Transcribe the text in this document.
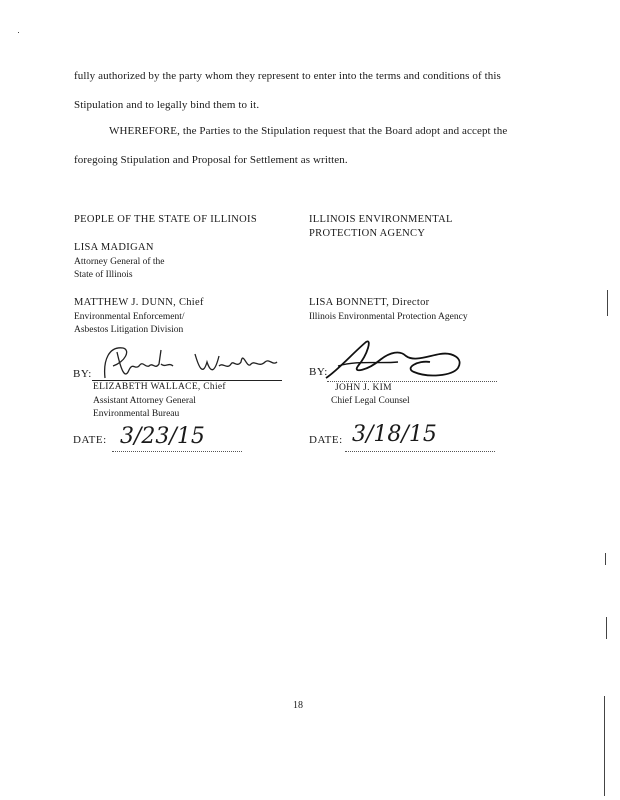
fully authorized by the party whom they represent to enter into the terms and conditions of this
Stipulation and to legally bind them to it.
WHEREFORE, the Parties to the Stipulation request that the Board adopt and accept the
foregoing Stipulation and Proposal for Settlement as written.
PEOPLE OF THE STATE OF ILLINOIS
LISA MADIGAN
Attorney General of the
State of Illinois
MATTHEW J. DUNN, Chief
Environmental Enforcement/
Asbestos Litigation Division
BY:
ELIZABETH WALLACE, Chief
Assistant Attorney General
Environmental Bureau
DATE: 3/23/15
ILLINOIS ENVIRONMENTAL
PROTECTION AGENCY
LISA BONNETT, Director
Illinois Environmental Protection Agency
BY:
JOHN J. KIM
Chief Legal Counsel
DATE: 3/18/15
18
